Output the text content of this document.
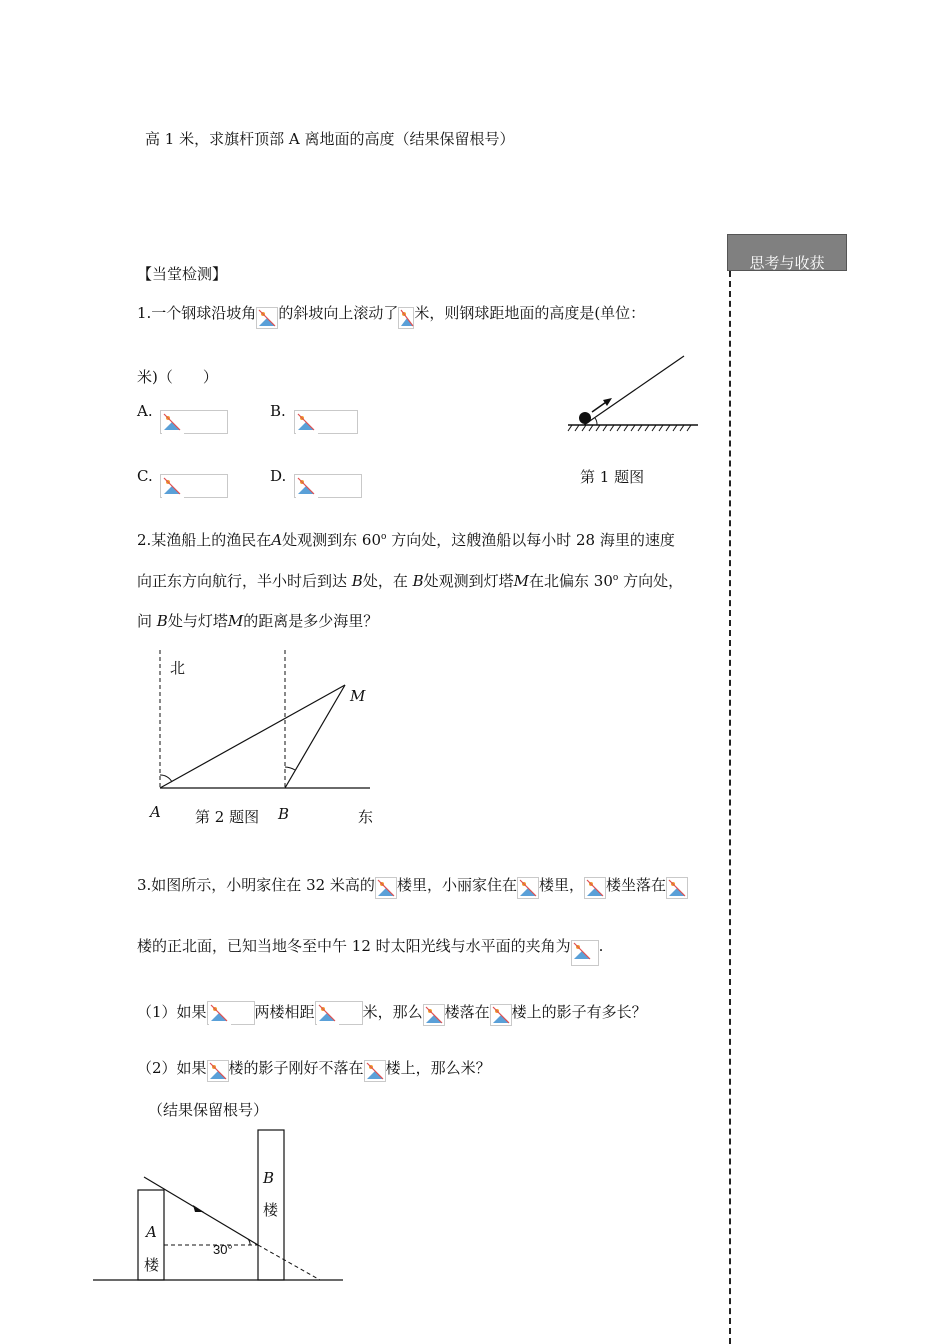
高 1 米，求旗杆顶部 A 离地面的高度（结果保留根号）
思考与收获
【当堂检测】
1.一个钢球沿坡角 的斜坡向上滚动了 米，则钢球距地面的高度是(单位：
米)（　　）
A.	B.
C.	D.	第 1 题图
2.某渔船上的渔民在A处观测到东 60$^o$ 方向处，这艘渔船以每小时 28 海里的速度
向正东方向航行，半小时后到达 B处，在 B处观测到灯塔M在北偏东 30$^o$ 方向处，
问 B处与灯塔M的距离是多少海里？
北
M
A	B
第 2 题图	东
3.如图所示，小明家住在 32 米高的 楼里，小丽家住在 楼里， 楼坐落在
楼的正北面，已知当地冬至中午 12 时太阳光线与水平面的夹角为 .
（1）如果	两楼相距	米，那么 楼落在 楼上的影子有多长？
（2）如果 楼的影子刚好不落在 楼上，那么米？
（结果保留根号）
A
楼
B
楼
30°
